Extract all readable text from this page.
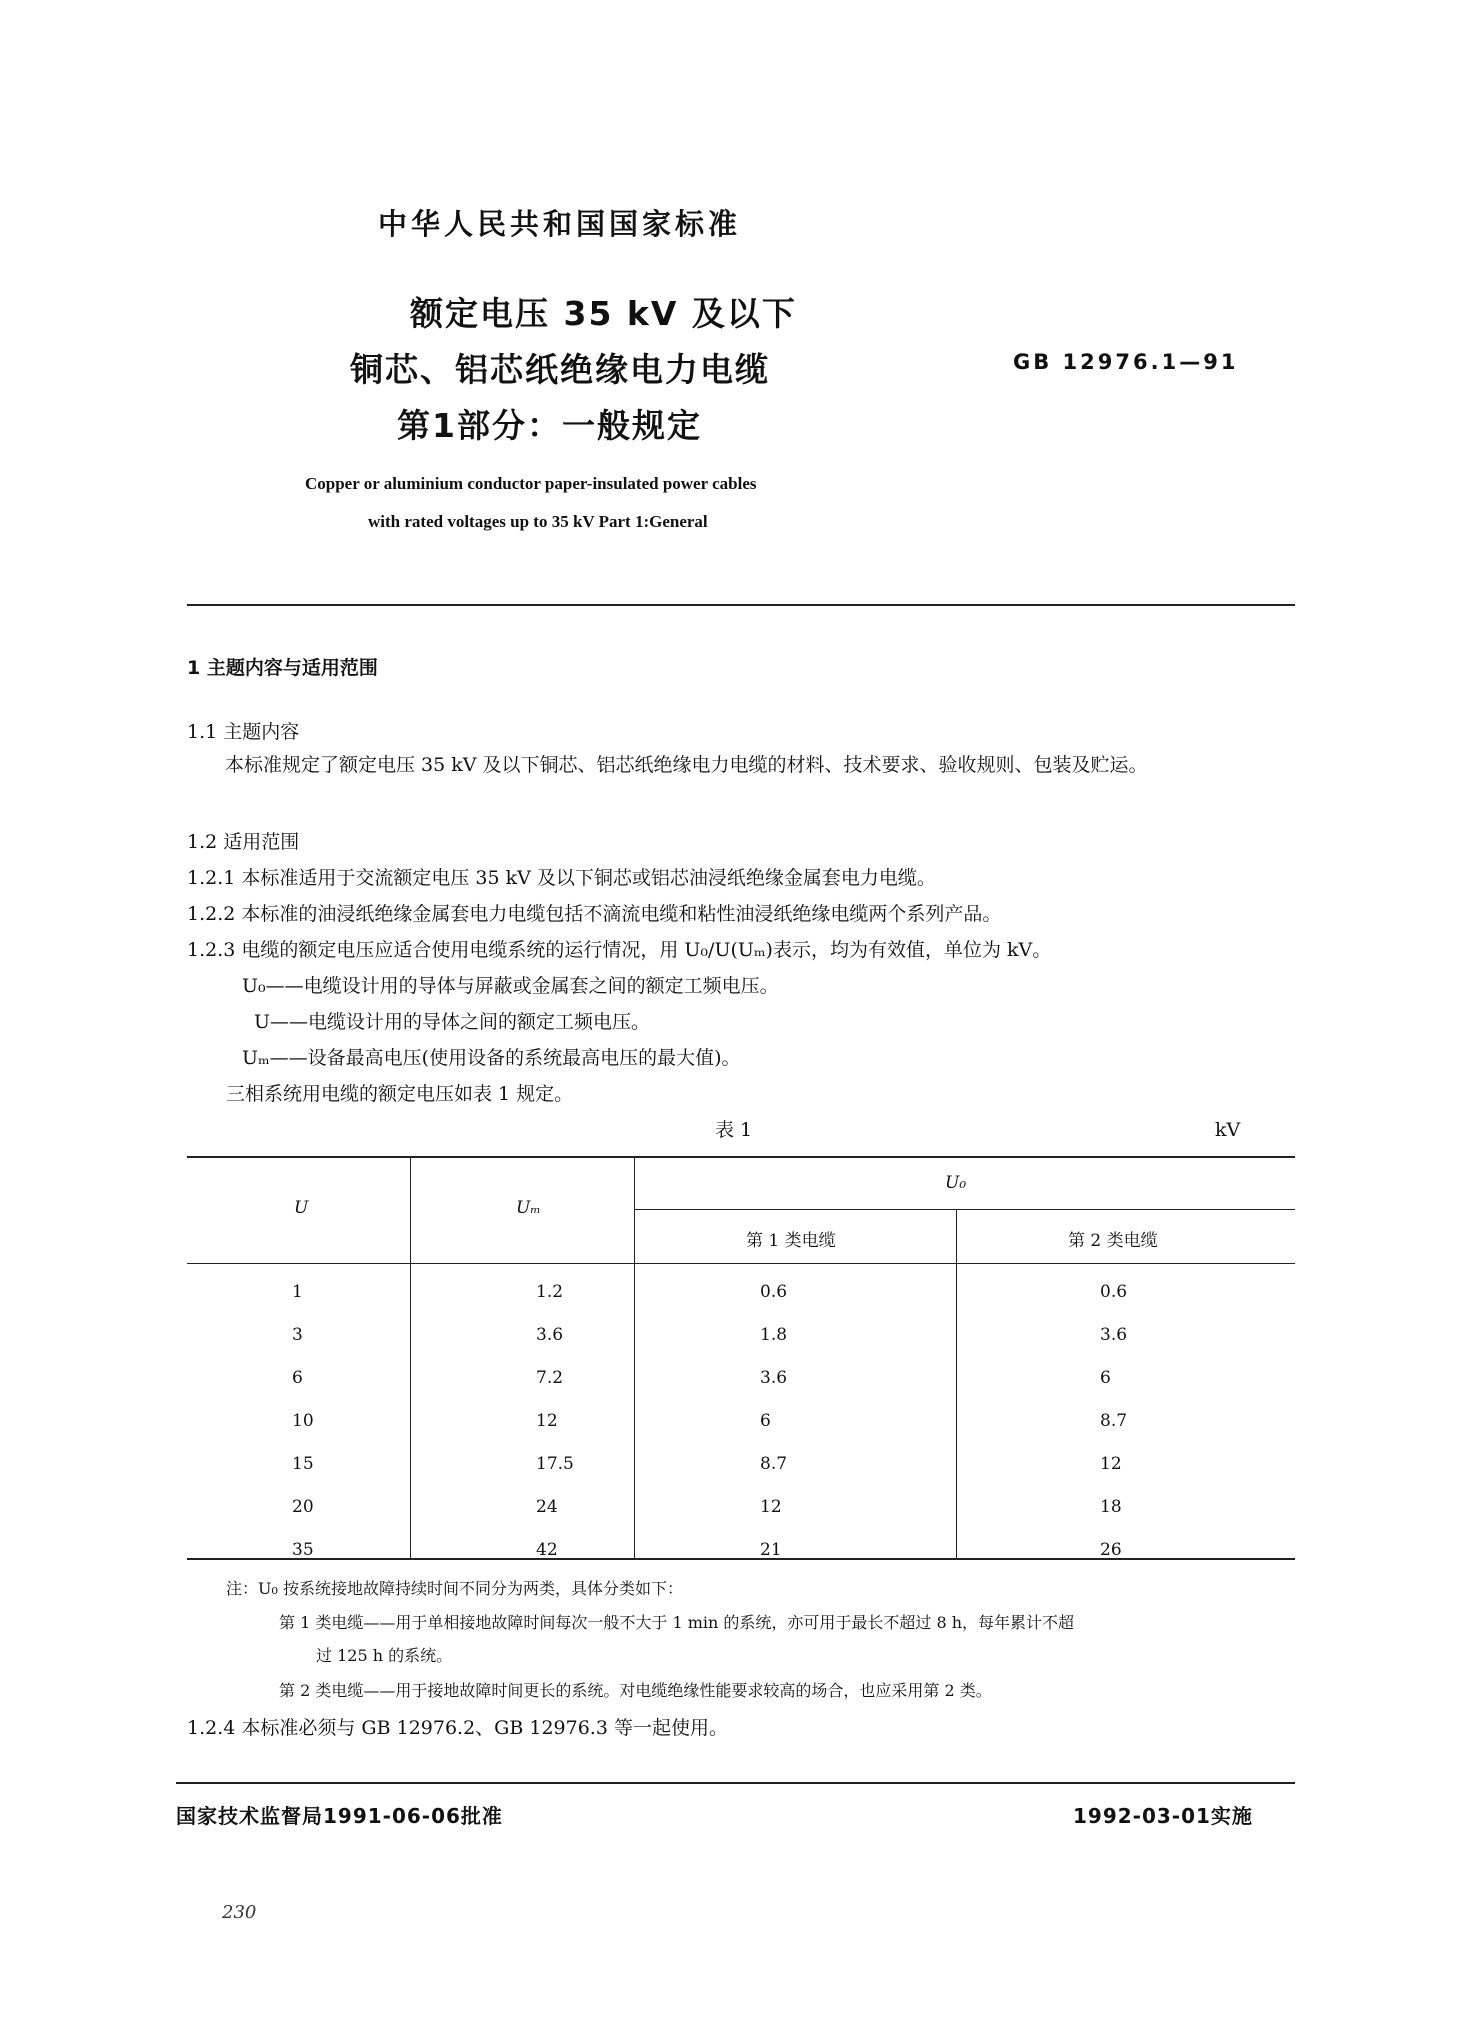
中华人民共和国国家标准
额定电压 35 kV 及以下
铜芯、铝芯纸绝缘电力电缆
第1部分：一般规定
GB 12976.1—91
Copper or aluminium conductor paper-insulated power cables
with rated voltages up to 35 kV Part 1:General
1 主题内容与适用范围
1.1 主题内容
本标准规定了额定电压 35 kV 及以下铜芯、铝芯纸绝缘电力电缆的材料、技术要求、验收规则、包装及贮运。
1.2 适用范围
1.2.1 本标准适用于交流额定电压 35 kV 及以下铜芯或铝芯油浸纸绝缘金属套电力电缆。
1.2.2 本标准的油浸纸绝缘金属套电力电缆包括不滴流电缆和粘性油浸纸绝缘电缆两个系列产品。
1.2.3 电缆的额定电压应适合使用电缆系统的运行情况，用 U₀/U(Uₘ)表示，均为有效值，单位为 kV。
U₀——电缆设计用的导体与屏蔽或金属套之间的额定工频电压。
U——电缆设计用的导体之间的额定工频电压。
Uₘ——设备最高电压(使用设备的系统最高电压的最大值)。
三相系统用电缆的额定电压如表 1 规定。
表 1	kV
U	Uₘ
U₀
第 1 类电缆	第 2 类电缆
1	1.2	0.6	0.6
3	3.6	1.8	3.6
6	7.2	3.6	6
10	12	6	8.7
15	17.5	8.7	12
20	24	12	18
35	42	21	26
注：U₀ 按系统接地故障持续时间不同分为两类，具体分类如下：
第 1 类电缆——用于单相接地故障时间每次一般不大于 1 min 的系统，亦可用于最长不超过 8 h，每年累计不超
过 125 h 的系统。
第 2 类电缆——用于接地故障时间更长的系统。对电缆绝缘性能要求较高的场合，也应采用第 2 类。
1.2.4 本标准必须与 GB 12976.2、GB 12976.3 等一起使用。
国家技术监督局1991-06-06批准	1992-03-01实施
230
